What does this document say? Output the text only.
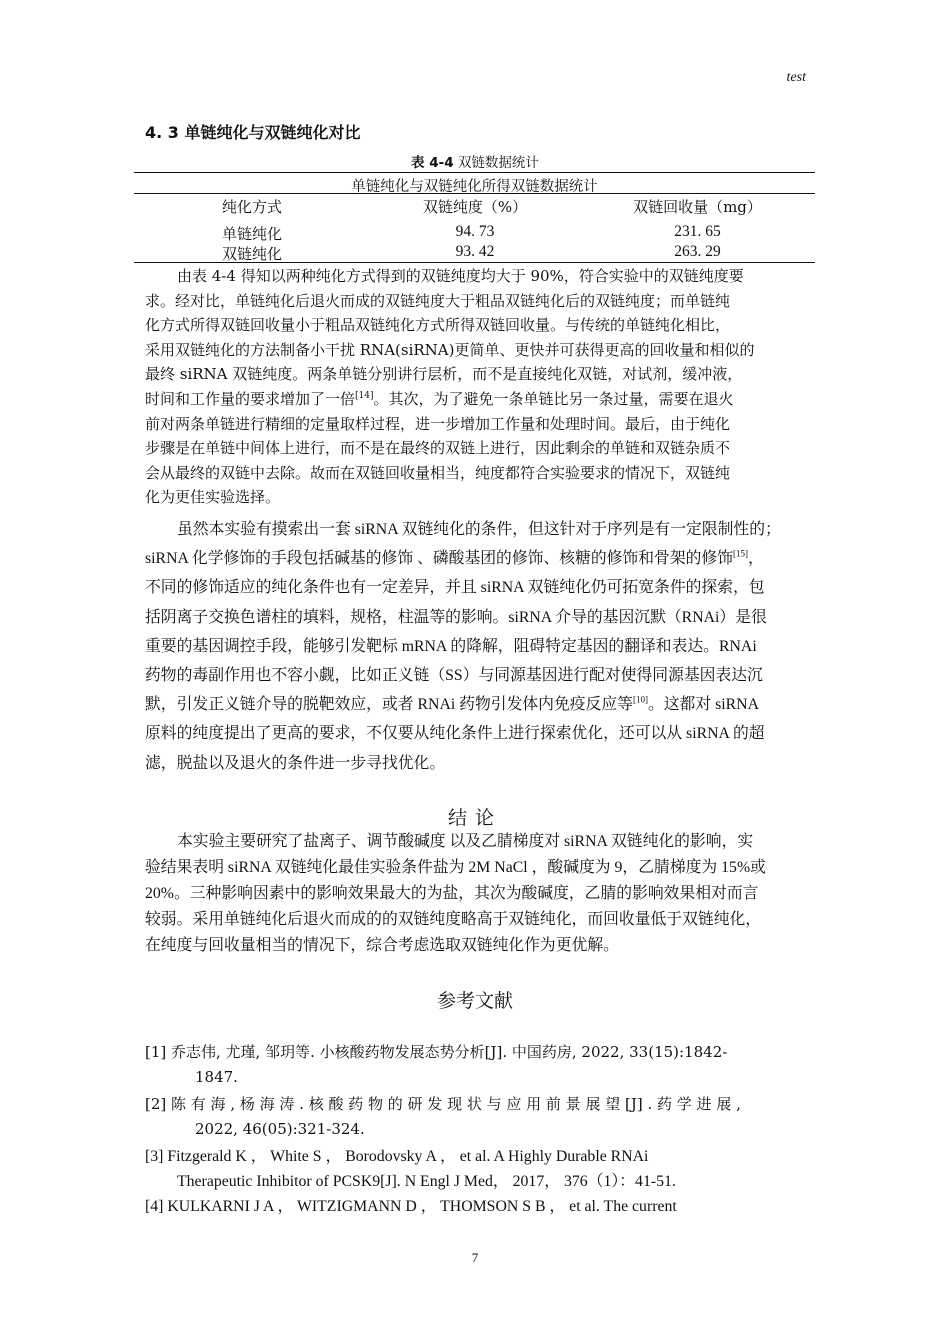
test
4. 3 单链纯化与双链纯化对比
表 4-4 双链数据统计
单链纯化与双链纯化所得双链数据统计
纯化方式	双链纯度（%）	双链回收量（mg）
单链纯化	94. 73	231. 65
双链纯化	93. 42	263. 29
由表 4-4 得知以两种纯化方式得到的双链纯度均大于 90%，符合实验中的双链纯度要
求。经对比，单链纯化后退火而成的双链纯度大于粗品双链纯化后的双链纯度；而单链纯
化方式所得双链回收量小于粗品双链纯化方式所得双链回收量。与传统的单链纯化相比，
采用双链纯化的方法制备小干扰 RNA(siRNA)更简单、更快并可获得更高的回收量和相似的
最终 siRNA 双链纯度。两条单链分别讲行层析，而不是直接纯化双链，对试剂，缓冲液，
时间和工作量的要求增加了一倍[14]。其次，为了避免一条单链比另一条过量，需要在退火
前对两条单链进行精细的定量取样过程，进一步增加工作量和处理时间。最后，由于纯化
步骤是在单链中间体上进行，而不是在最终的双链上进行，因此剩余的单链和双链杂质不
会从最终的双链中去除。故而在双链回收量相当，纯度都符合实验要求的情况下，双链纯
化为更佳实验选择。
虽然本实验有摸索出一套 siRNA 双链纯化的条件，但这针对于序列是有一定限制性的；
siRNA 化学修饰的手段包括碱基的修饰 、磷酸基团的修饰、核糖的修饰和骨架的修饰[15]，
不同的修饰适应的纯化条件也有一定差异，并且 siRNA 双链纯化仍可拓宽条件的探索，包
括阴离子交换色谱柱的填料，规格，柱温等的影响。siRNA 介导的基因沉默（RNAi）是很
重要的基因调控手段，能够引发靶标 mRNA 的降解，阻碍特定基因的翻译和表达。RNAi
药物的毒副作用也不容小觑，比如正义链（SS）与同源基因进行配对使得同源基因表达沉
默，引发正义链介导的脱靶效应，或者 RNAi 药物引发体内免疫反应等[10]。这都对 siRNA
原料的纯度提出了更高的要求，不仅要从纯化条件上进行探索优化，还可以从 siRNA 的超
滤，脱盐以及退火的条件进一步寻找优化。
结论
本实验主要研究了盐离子、调节酸碱度 以及乙腈梯度对 siRNA 双链纯化的影响，实
验结果表明 siRNA 双链纯化最佳实验条件盐为 2M NaCl ，酸碱度为 9，乙腈梯度为 15%或
20%。三种影响因素中的影响效果最大的为盐，其次为酸碱度，乙腈的影响效果相对而言
较弱。采用单链纯化后退火而成的的双链纯度略高于双链纯化，而回收量低于双链纯化，
在纯度与回收量相当的情况下，综合考虑选取双链纯化作为更优解。
参考文献
[1] 乔志伟, 尤瑾, 邹玥等. 小核酸药物发展态势分析[J]. 中国药房, 2022, 33(15):1842-
1847.
[2] 陈 有 海 , 杨 海 涛 . 核 酸 药 物 的 研 发 现 状 与 应 用 前 景 展 望 [J] . 药 学 进 展 ,
2022, 46(05):321-324.
[3] Fitzgerald K ， White S ， Borodovsky A ， et al. A Highly Durable RNAi
Therapeutic Inhibitor of PCSK9[J]. N Engl J Med， 2017， 376（1）：41-51.
[4] KULKARNI J A ， WITZIGMANN D ， THOMSON S B ， et al. The current
7
